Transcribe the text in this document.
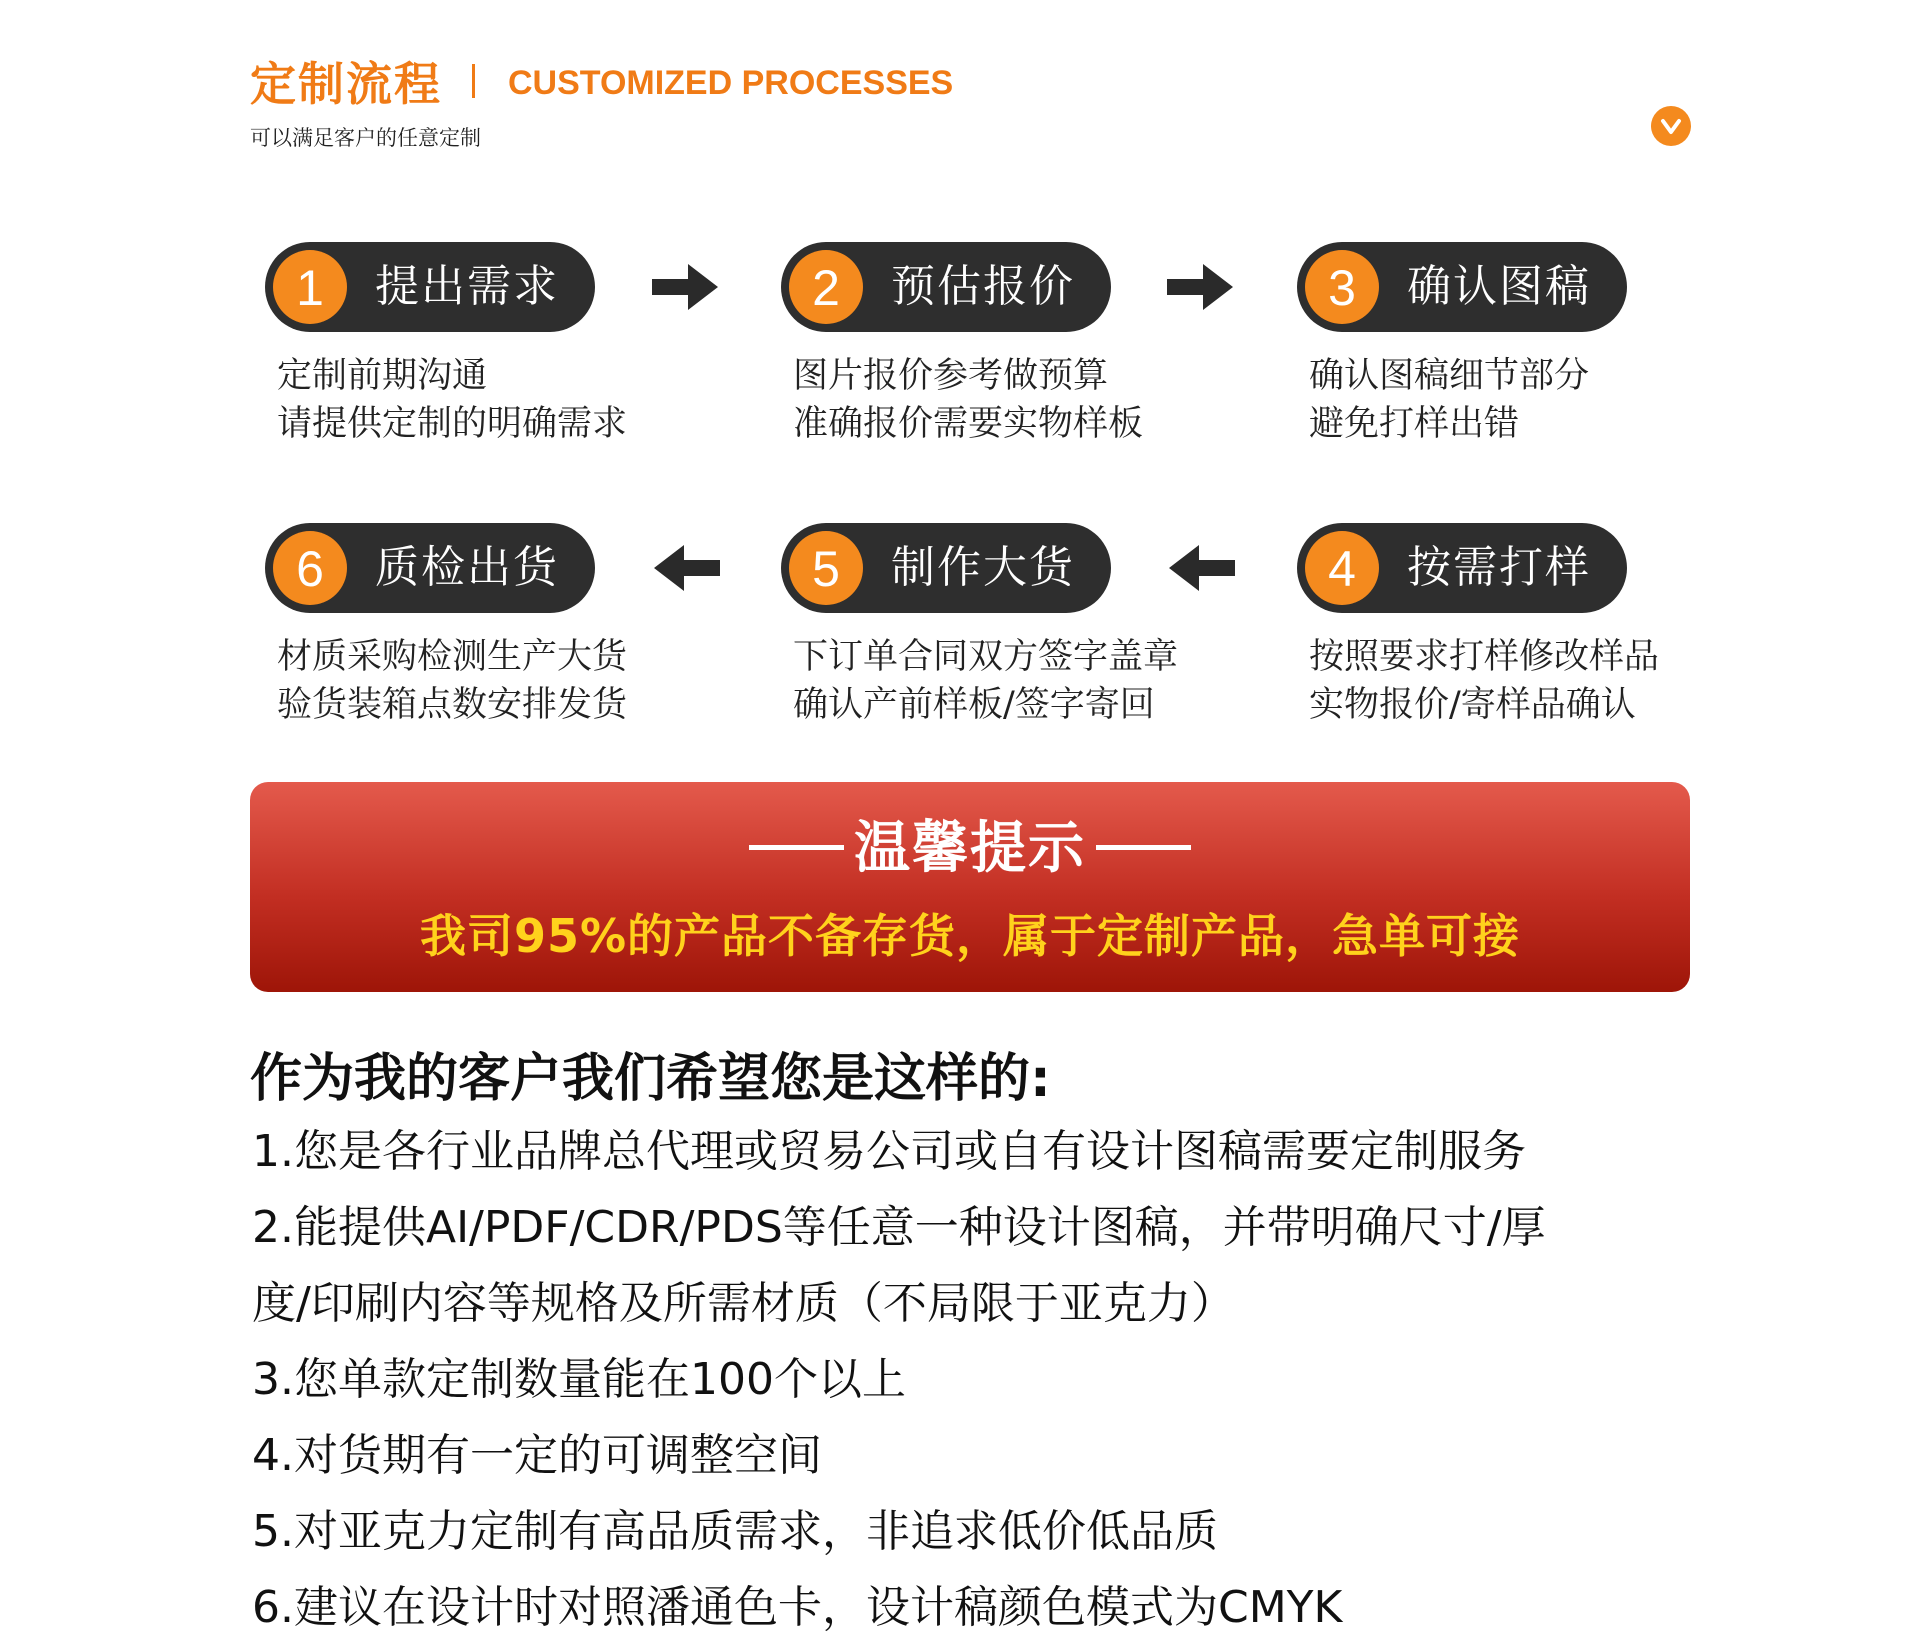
定制流程 CUSTOMIZED PROCESSES
可以满足客户的任意定制
1	提出需求
定制前期沟通
请提供定制的明确需求
2	预估报价
图片报价参考做预算
准确报价需要实物样板
3	确认图稿
确认图稿细节部分
避免打样出错
6	质检出货
材质采购检测生产大货
验货装箱点数安排发货
5	制作大货
下订单合同双方签字盖章
确认产前样板/签字寄回
4	按需打样
按照要求打样修改样品
实物报价/寄样品确认
温馨提示
我司95%的产品不备存货，属于定制产品，急单可接
作为我的客户我们希望您是这样的:
1.您是各行业品牌总代理或贸易公司或自有设计图稿需要定制服务
2.能提供AI/PDF/CDR/PDS等任意一种设计图稿，并带明确尺寸/厚
度/印刷内容等规格及所需材质（不局限于亚克力）
3.您单款定制数量能在100个以上
4.对货期有一定的可调整空间
5.对亚克力定制有高品质需求，非追求低价低品质
6.建议在设计时对照潘通色卡，设计稿颜色模式为CMYK
